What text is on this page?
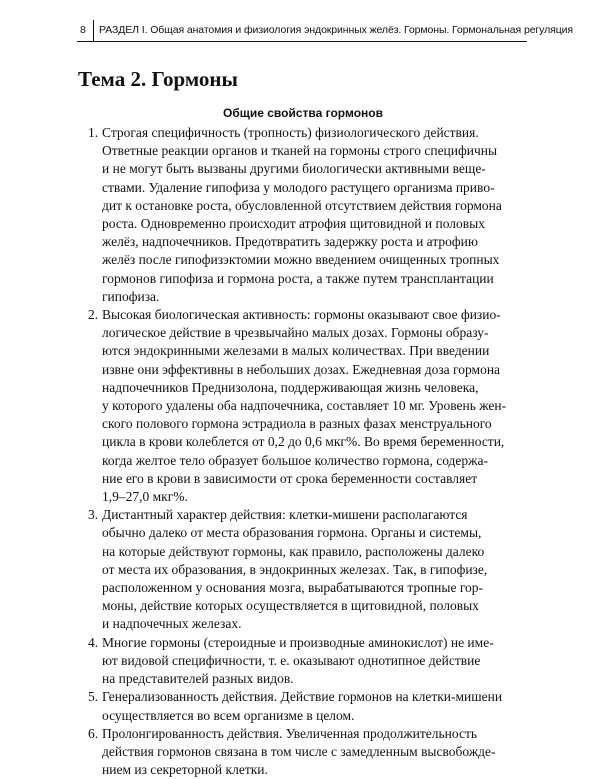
8 РАЗДЕЛ I. Общая анатомия и физиология эндокринных желёз. Гормоны. Гормональная регуляция
Тема 2. Гормоны
Общие свойства гормонов
1. Строгая специфичность (тропность) физиологического действия.
Ответные реакции органов и тканей на гормоны строго специфичны
и не могут быть вызваны другими биологически активными веще-
ствами. Удаление гипофиза у молодого растущего организма приво-
дит к остановке роста, обусловленной отсутствием действия гормона
роста. Одновременно происходит атрофия щитовидной и половых
желёз, надпочечников. Предотвратить задержку роста и атрофию
желёз после гипофизэктомии можно введением очищенных тропных
гормонов гипофиза и гормона роста, а также путем трансплантации
гипофиза.
2. Высокая биологическая активность: гормоны оказывают свое физио-
логическое действие в чрезвычайно малых дозах. Гормоны образу-
ются эндокринными железами в малых количествах. При введении
извне они эффективны в небольших дозах. Ежедневная доза гормона
надпочечников Преднизолона, поддерживающая жизнь человека,
у которого удалены оба надпочечника, составляет 10 мг. Уровень жен-
ского полового гормона эстрадиола в разных фазах менструального
цикла в крови колеблется от 0,2 до 0,6 мкг%. Во время беременности,
когда желтое тело образует большое количество гормона, содержа-
ние его в крови в зависимости от срока беременности составляет
1,9–27,0 мкг%.
3. Дистантный характер действия: клетки-мишени располагаются
обычно далеко от места образования гормона. Органы и системы,
на которые действуют гормоны, как правило, расположены далеко
от места их образования, в эндокринных железах. Так, в гипофизе,
расположенном у основания мозга, вырабатываются тропные гор-
моны, действие которых осуществляется в щитовидной, половых
и надпочечных железах.
4. Многие гормоны (стероидные и производные аминокислот) не име-
ют видовой специфичности, т. е. оказывают однотипное действие
на представителей разных видов.
5. Генерализованность действия. Действие гормонов на клетки-мишени
осуществляется во всем организме в целом.
6. Пролонгированность действия. Увеличенная продолжительность
действия гормонов связана в том числе с замедленным высвобожде-
нием из секреторной клетки.
